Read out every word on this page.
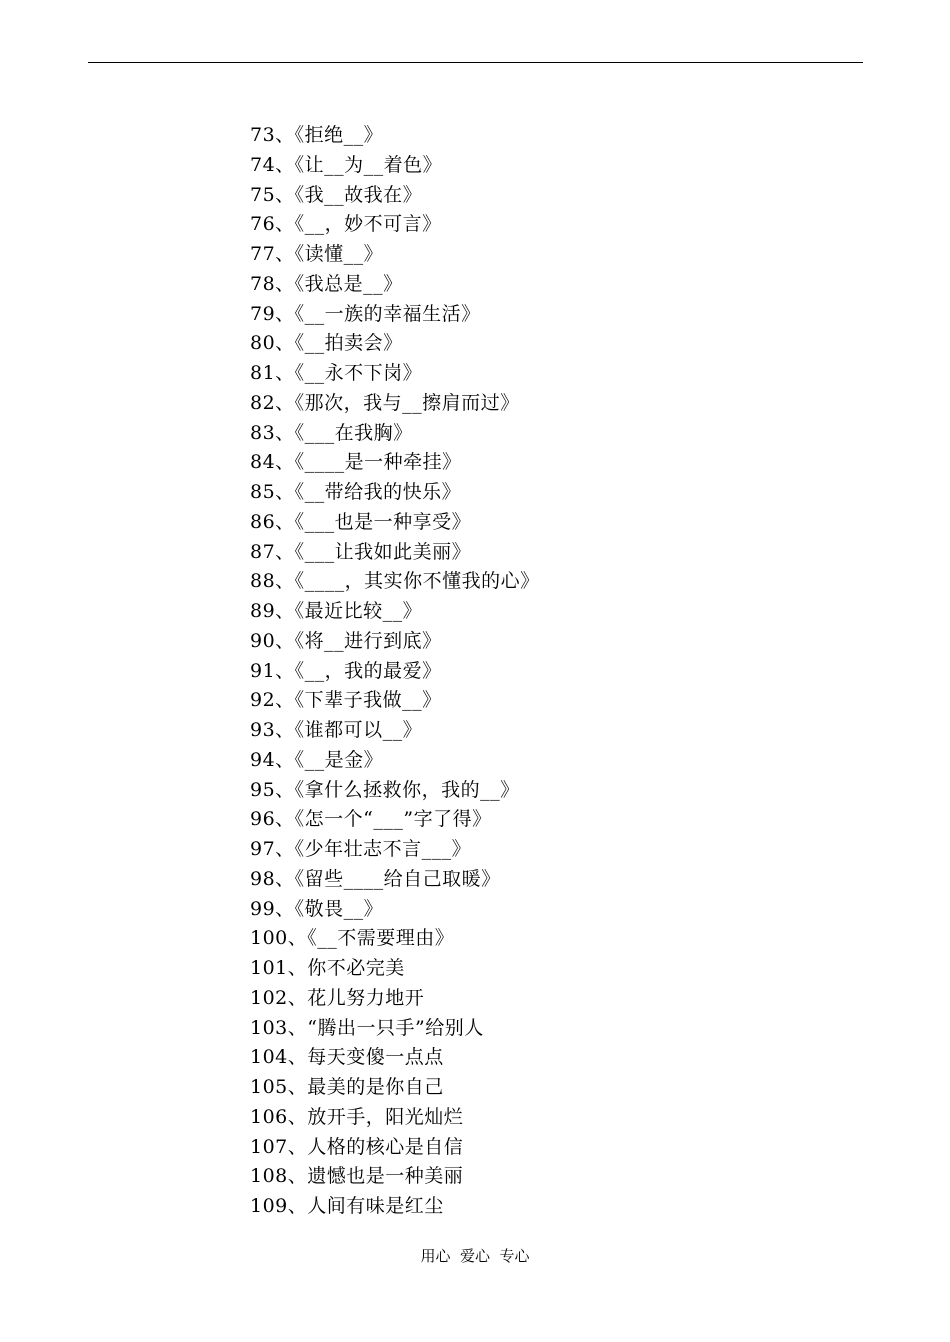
73、《拒绝__》
74、《让__为__着色》
75、《我__故我在》
76、《__，妙不可言》
77、《读懂__》
78、《我总是__》
79、《__一族的幸福生活》
80、《__拍卖会》
81、《__永不下岗》
82、《那次，我与__擦肩而过》
83、《___在我胸》
84、《____是一种牵挂》
85、《__带给我的快乐》
86、《___也是一种享受》
87、《___让我如此美丽》
88、《____，其实你不懂我的心》
89、《最近比较__》
90、《将__进行到底》
91、《__，我的最爱》
92、《下辈子我做__》
93、《谁都可以__》
94、《__是金》
95、《拿什么拯救你，我的__》
96、《怎一个“___”字了得》
97、《少年壮志不言___》
98、《留些____给自己取暖》
99、《敬畏__》
100、《__不需要理由》
101、你不必完美
102、花儿努力地开
103、“腾出一只手”给别人
104、每天变傻一点点
105、最美的是你自己
106、放开手，阳光灿烂
107、人格的核心是自信
108、遗憾也是一种美丽
109、人间有味是红尘
用心  爱心  专心
